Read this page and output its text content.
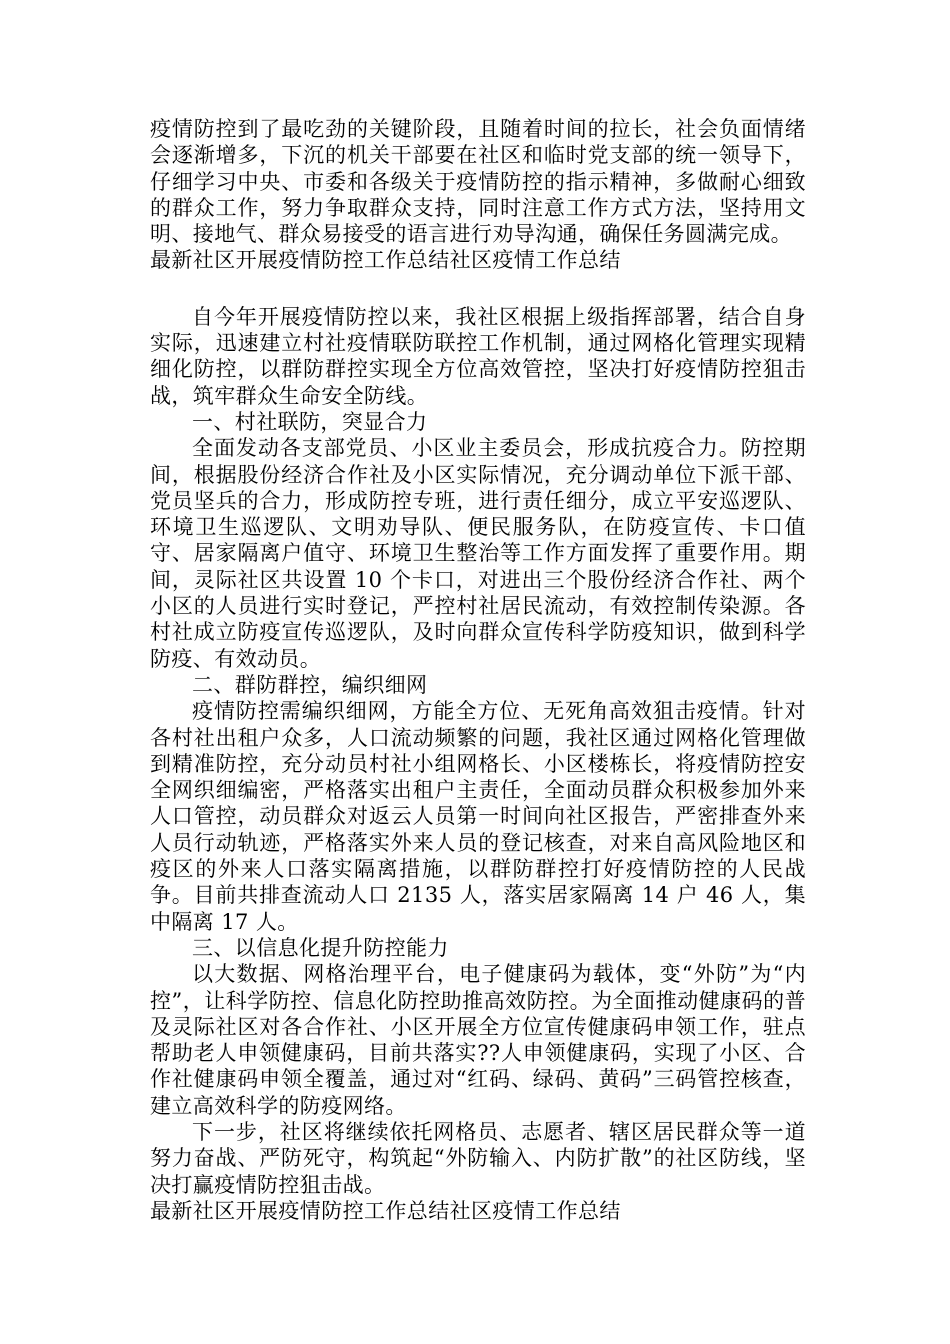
疫情防控到了最吃劲的关键阶段，且随着时间的拉长，社会负面情绪会逐渐增多，下沉的机关干部要在社区和临时党支部的统一领导下，仔细学习中央、市委和各级关于疫情防控的指示精神，多做耐心细致的群众工作，努力争取群众支持，同时注意工作方式方法，坚持用文明、接地气、群众易接受的语言进行劝导沟通，确保任务圆满完成。

最新社区开展疫情防控工作总结社区疫情工作总结

自今年开展疫情防控以来，我社区根据上级指挥部署，结合自身实际，迅速建立村社疫情联防联控工作机制，通过网格化管理实现精细化防控，以群防群控实现全方位高效管控，坚决打好疫情防控狙击战，筑牢群众生命安全防线。

一、村社联防，突显合力

全面发动各支部党员、小区业主委员会，形成抗疫合力。防控期间，根据股份经济合作社及小区实际情况，充分调动单位下派干部、党员坚兵的合力，形成防控专班，进行责任细分，成立平安巡逻队、环境卫生巡逻队、文明劝导队、便民服务队，在防疫宣传、卡口值守、居家隔离户值守、环境卫生整治等工作方面发挥了重要作用。期间，灵际社区共设置 10 个卡口，对进出三个股份经济合作社、两个小区的人员进行实时登记，严控村社居民流动，有效控制传染源。各村社成立防疫宣传巡逻队，及时向群众宣传科学防疫知识，做到科学防疫、有效动员。

二、群防群控，编织细网

疫情防控需编织细网，方能全方位、无死角高效狙击疫情。针对各村社出租户众多，人口流动频繁的问题，我社区通过网格化管理做到精准防控，充分动员村社小组网格长、小区楼栋长，将疫情防控安全网织细编密，严格落实出租户主责任，全面动员群众积极参加外来人口管控，动员群众对返云人员第一时间向社区报告，严密排查外来人员行动轨迹，严格落实外来人员的登记核查，对来自高风险地区和疫区的外来人口落实隔离措施，以群防群控打好疫情防控的人民战争。目前共排查流动人口 2135 人，落实居家隔离 14 户 46 人，集中隔离 17 人。

三、以信息化提升防控能力

以大数据、网格治理平台，电子健康码为载体，变“外防”为“内控”，让科学防控、信息化防控助推高效防控。为全面推动健康码的普及灵际社区对各合作社、小区开展全方位宣传健康码申领工作，驻点帮助老人申领健康码，目前共落实??人申领健康码，实现了小区、合作社健康码申领全覆盖，通过对“红码、绿码、黄码”三码管控核查，建立高效科学的防疫网络。

下一步，社区将继续依托网格员、志愿者、辖区居民群众等一道努力奋战、严防死守，构筑起“外防输入、内防扩散”的社区防线，坚决打赢疫情防控狙击战。

最新社区开展疫情防控工作总结社区疫情工作总结
